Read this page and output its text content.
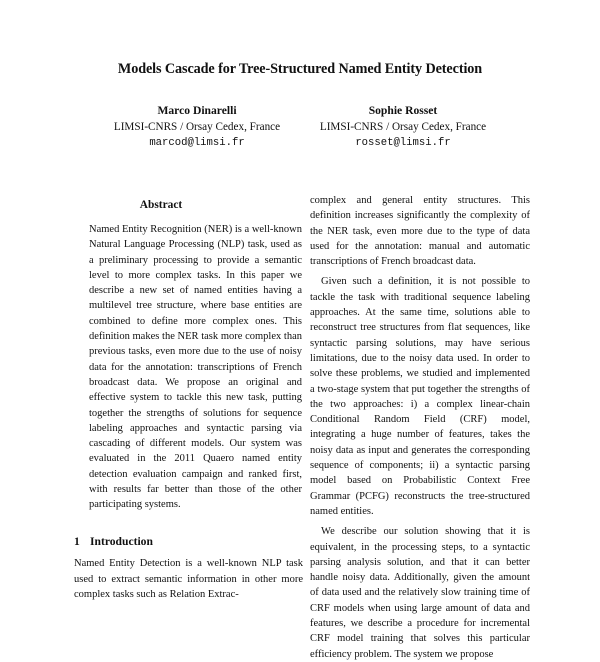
Models Cascade for Tree-Structured Named Entity Detection
Marco Dinarelli
LIMSI-CNRS / Orsay Cedex, France
marcod@limsi.fr
Sophie Rosset
LIMSI-CNRS / Orsay Cedex, France
rosset@limsi.fr
Abstract

Named Entity Recognition (NER) is a well-known Natural Language Processing (NLP) task, used as a preliminary processing to provide a semantic level to more complex tasks. In this paper we describe a new set of named entities having a multilevel tree structure, where base entities are combined to define more complex ones. This definition makes the NER task more complex than previous tasks, even more due to the use of noisy data for the annotation: transcriptions of French broadcast data. We propose an original and effective system to tackle this new task, putting together the strengths of solutions for sequence labeling approaches and syntactic parsing via cascading of different models. Our system was evaluated in the 2011 Quaero named entity detection evaluation campaign and ranked first, with results far better than those of the other participating systems.

1 Introduction

Named Entity Detection is a well-known NLP task used to extract semantic information in other more complex tasks such as Relation Extrac-

complex and general entity structures. This definition increases significantly the complexity of the NER task, even more due to the type of data used for the annotation: manual and automatic transcriptions of French broadcast data.

Given such a definition, it is not possible to tackle the task with traditional sequence labeling approaches. At the same time, solutions able to reconstruct tree structures from flat sequences, like syntactic parsing solutions, may have serious limitations, due to the noisy data used. In order to solve these problems, we studied and implemented a two-stage system that put together the strengths of the two approaches: i) a complex linear-chain Conditional Random Field (CRF) model, integrating a huge number of features, takes the noisy data as input and generates the corresponding sequence of components; ii) a syntactic parsing model based on Probabilistic Context Free Grammar (PCFG) reconstructs the tree-structured named entities.

We describe our solution showing that it is equivalent, in the processing steps, to a syntactic parsing analysis solution, and that it can better handle noisy data. Additionally, given the amount of data used and the relatively slow training time of CRF models when using large amount of data and features, we describe a procedure for incremental CRF model training that solves this particular efficiency problem. The system we propose
